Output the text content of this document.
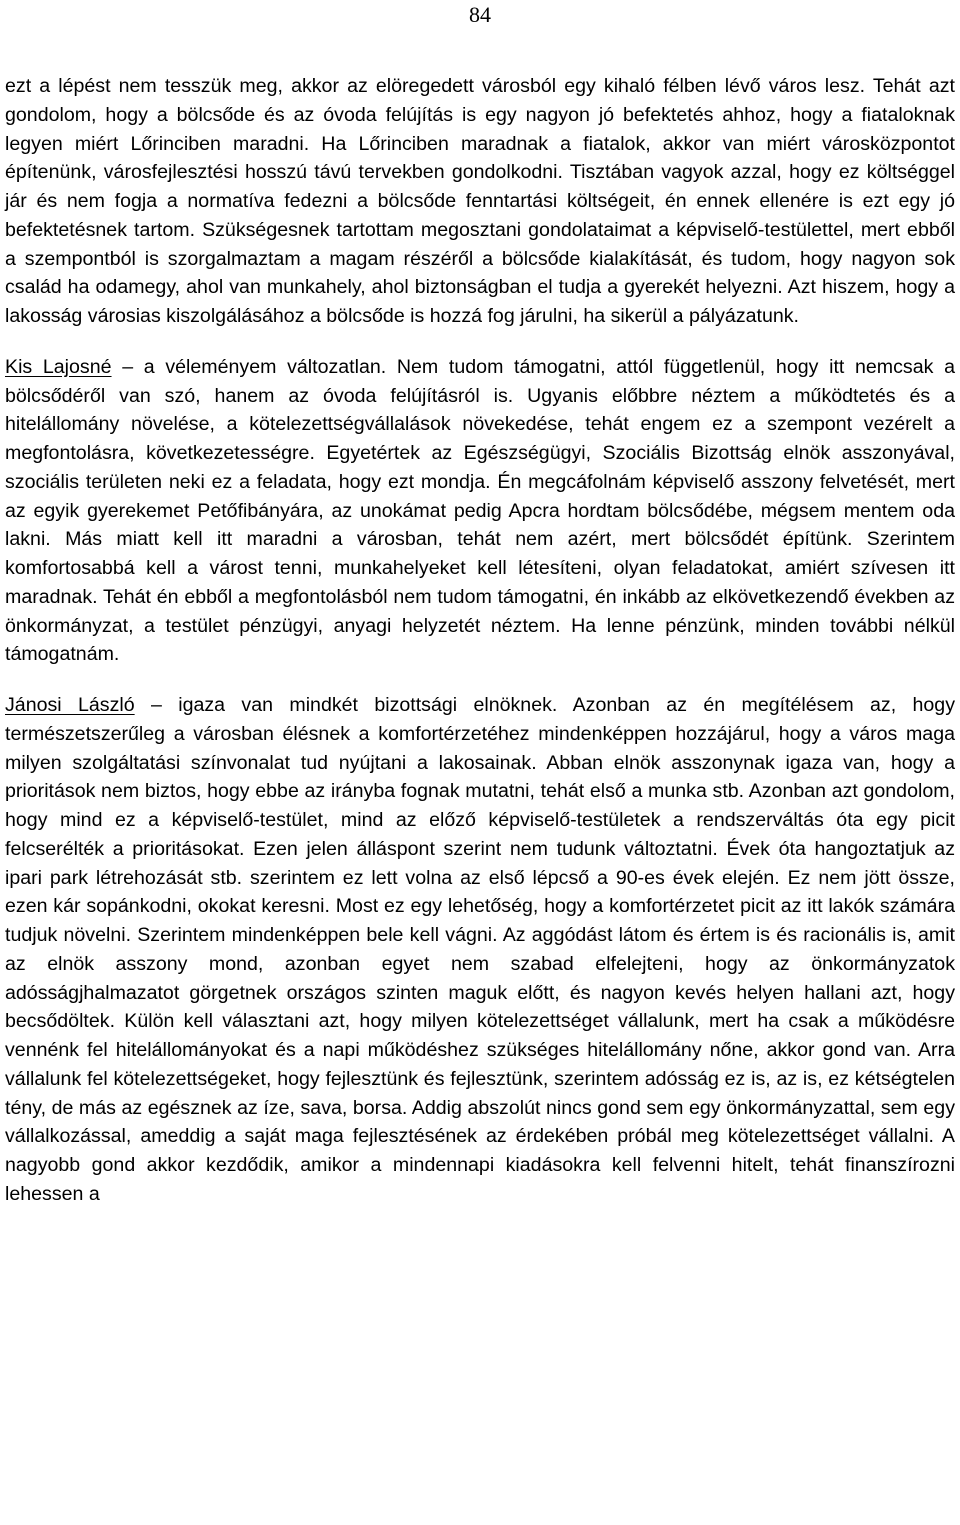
84

ezt a lépést nem tesszük meg, akkor az elöregedett városból egy kihaló félben lévő város lesz. Tehát azt gondolom, hogy a bölcsőde és az óvoda felújítás is egy nagyon jó befektetés ahhoz, hogy a fiataloknak legyen miért Lőrinciben maradni. Ha Lőrinciben maradnak a fiatalok, akkor van miért városközpontot építenünk, városfejlesztési hosszú távú tervekben gondolkodni. Tisztában vagyok azzal, hogy ez költséggel jár és nem fogja a normatíva fedezni a bölcsőde fenntartási költségeit, én ennek ellenére is ezt egy jó befektetésnek tartom. Szükségesnek tartottam megosztani gondolataimat a képviselő-testülettel, mert ebből a szempontból is szorgalmaztam a magam részéről a bölcsőde kialakítását, és tudom, hogy nagyon sok család ha odamegy, ahol van munkahely, ahol biztonságban el tudja a gyerekét helyezni. Azt hiszem, hogy a lakosság városias kiszolgálásához a bölcsőde is hozzá fog járulni, ha sikerül a pályázatunk.

Kis Lajosné – a véleményem változatlan. Nem tudom támogatni, attól függetlenül, hogy itt nemcsak a bölcsődéről van szó, hanem az óvoda felújításról is. Ugyanis előbbre néztem a működtetés és a hitelállomány növelése, a kötelezettségvállalások növekedése, tehát engem ez a szempont vezérelt a megfontolásra, következetességre. Egyetértek az Egészségügyi, Szociális Bizottság elnök asszonyával, szociális területen neki ez a feladata, hogy ezt mondja. Én megcáfolnám képviselő asszony felvetését, mert az egyik gyerekemet Petőfibányára, az unokámat pedig Apcra hordtam bölcsődébe, mégsem mentem oda lakni. Más miatt kell itt maradni a városban, tehát nem azért, mert bölcsődét építünk. Szerintem komfortosabbá kell a várost tenni, munkahelyeket kell létesíteni, olyan feladatokat, amiért szívesen itt maradnak. Tehát én ebből a megfontolásból nem tudom támogatni, én inkább az elkövetkezendő években az önkormányzat, a testület pénzügyi, anyagi helyzetét néztem. Ha lenne pénzünk, minden további nélkül támogatnám.

Jánosi László – igaza van mindkét bizottsági elnöknek. Azonban az én megítélésem az, hogy természetszerűleg a városban élésnek a komfortérzetéhez mindenképpen hozzájárul, hogy a város maga milyen szolgáltatási színvonalat tud nyújtani a lakosainak. Abban elnök asszonynak igaza van, hogy a prioritások nem biztos, hogy ebbe az irányba fognak mutatni, tehát első a munka stb. Azonban azt gondolom, hogy mind ez a képviselő-testület, mind az előző képviselő-testületek a rendszerváltás óta egy picit felcserélték a prioritásokat. Ezen jelen álláspont szerint nem tudunk változtatni. Évek óta hangoztatjuk az ipari park létrehozását stb. szerintem ez lett volna az első lépcső a 90-es évek elején. Ez nem jött össze, ezen kár sopánkodni, okokat keresni. Most ez egy lehetőség, hogy a komfortérzetet picit az itt lakók számára tudjuk növelni. Szerintem mindenképpen bele kell vágni. Az aggódást látom és értem is és racionális is, amit az elnök asszony mond, azonban egyet nem szabad elfelejteni, hogy az önkormányzatok adósságjhalmazatot görgetnek országos szinten maguk előtt, és nagyon kevés helyen hallani azt, hogy becsődöltek. Külön kell választani azt, hogy milyen kötelezettséget vállalunk, mert ha csak a működésre vennénk fel hitelállományokat és a napi működéshez szükséges hitelállomány nőne, akkor gond van. Arra vállalunk fel kötelezettségeket, hogy fejlesztünk és fejlesztünk, szerintem adósság ez is, az is, ez kétségtelen tény, de más az egésznek az íze, sava, borsa. Addig abszolút nincs gond sem egy önkormányzattal, sem egy vállalkozással, ameddig a saját maga fejlesztésének az érdekében próbál meg kötelezettséget vállalni. A nagyobb gond akkor kezdődik, amikor a mindennapi kiadásokra kell felvenni hitelt, tehát finanszírozni lehessen a
